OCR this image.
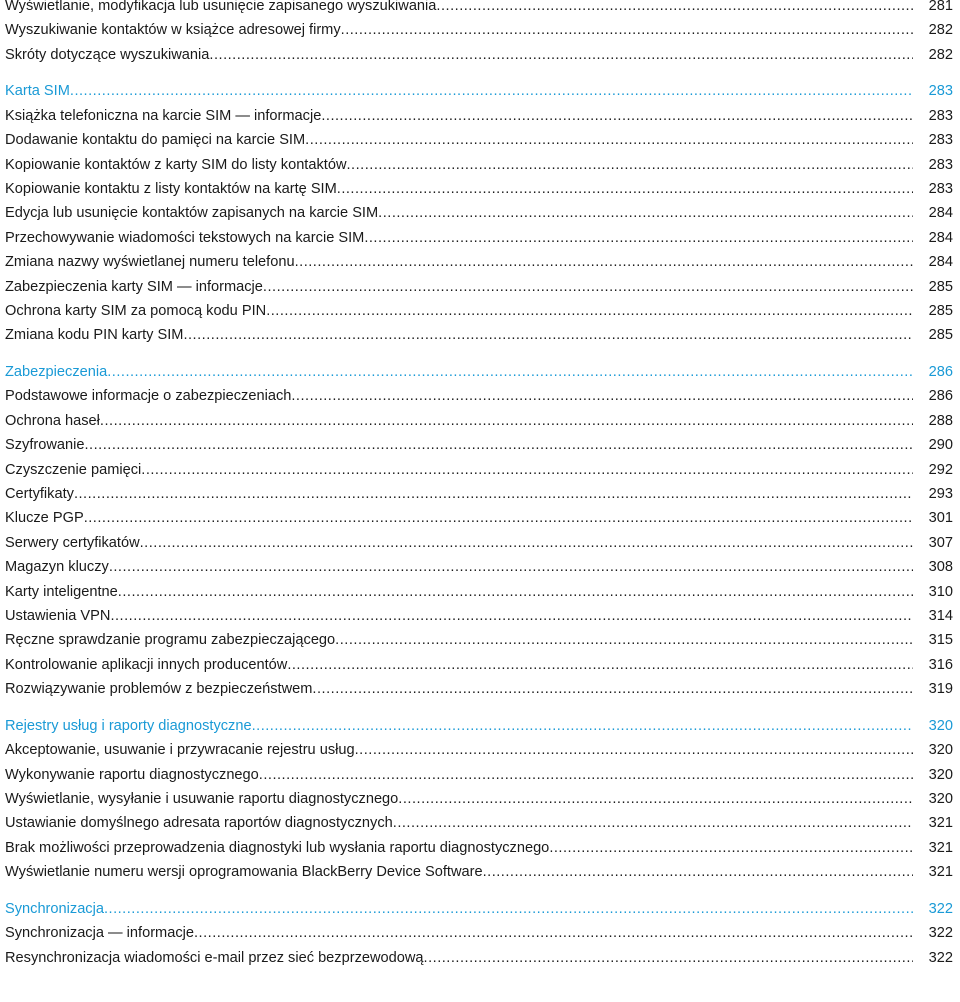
Wyświetlanie, modyfikacja lub usunięcie zapisanego wyszukiwania .....	281
Wyszukiwanie kontaktów w książce adresowej firmy .....	282
Skróty dotyczące wyszukiwania .....	282
Karta SIM .....	283
Książka telefoniczna na karcie SIM — informacje .....	283
Dodawanie kontaktu do pamięci na karcie SIM .....	283
Kopiowanie kontaktów z karty SIM do listy kontaktów .....	283
Kopiowanie kontaktu z listy kontaktów na kartę SIM .....	283
Edycja lub usunięcie kontaktów zapisanych na karcie SIM .....	284
Przechowywanie wiadomości tekstowych na karcie SIM .....	284
Zmiana nazwy wyświetlanej numeru telefonu .....	284
Zabezpieczenia karty SIM — informacje .....	285
Ochrona karty SIM za pomocą kodu PIN .....	285
Zmiana kodu PIN karty SIM .....	285
Zabezpieczenia .....	286
Podstawowe informacje o zabezpieczeniach .....	286
Ochrona haseł .....	288
Szyfrowanie .....	290
Czyszczenie pamięci .....	292
Certyfikaty .....	293
Klucze PGP .....	301
Serwery certyfikatów .....	307
Magazyn kluczy .....	308
Karty inteligentne .....	310
Ustawienia VPN .....	314
Ręczne sprawdzanie programu zabezpieczającego .....	315
Kontrolowanie aplikacji innych producentów .....	316
Rozwiązywanie problemów z bezpieczeństwem .....	319
Rejestry usług i raporty diagnostyczne .....	320
Akceptowanie, usuwanie i przywracanie rejestru usług .....	320
Wykonywanie raportu diagnostycznego .....	320
Wyświetlanie, wysyłanie i usuwanie raportu diagnostycznego .....	320
Ustawianie domyślnego adresata raportów diagnostycznych .....	321
Brak możliwości przeprowadzenia diagnostyki lub wysłania raportu diagnostycznego .....	321
Wyświetlanie numeru wersji oprogramowania BlackBerry Device Software .....	321
Synchronizacja .....	322
Synchronizacja — informacje .....	322
Resynchronizacja wiadomości e-mail przez sieć bezprzewodową .....	322
